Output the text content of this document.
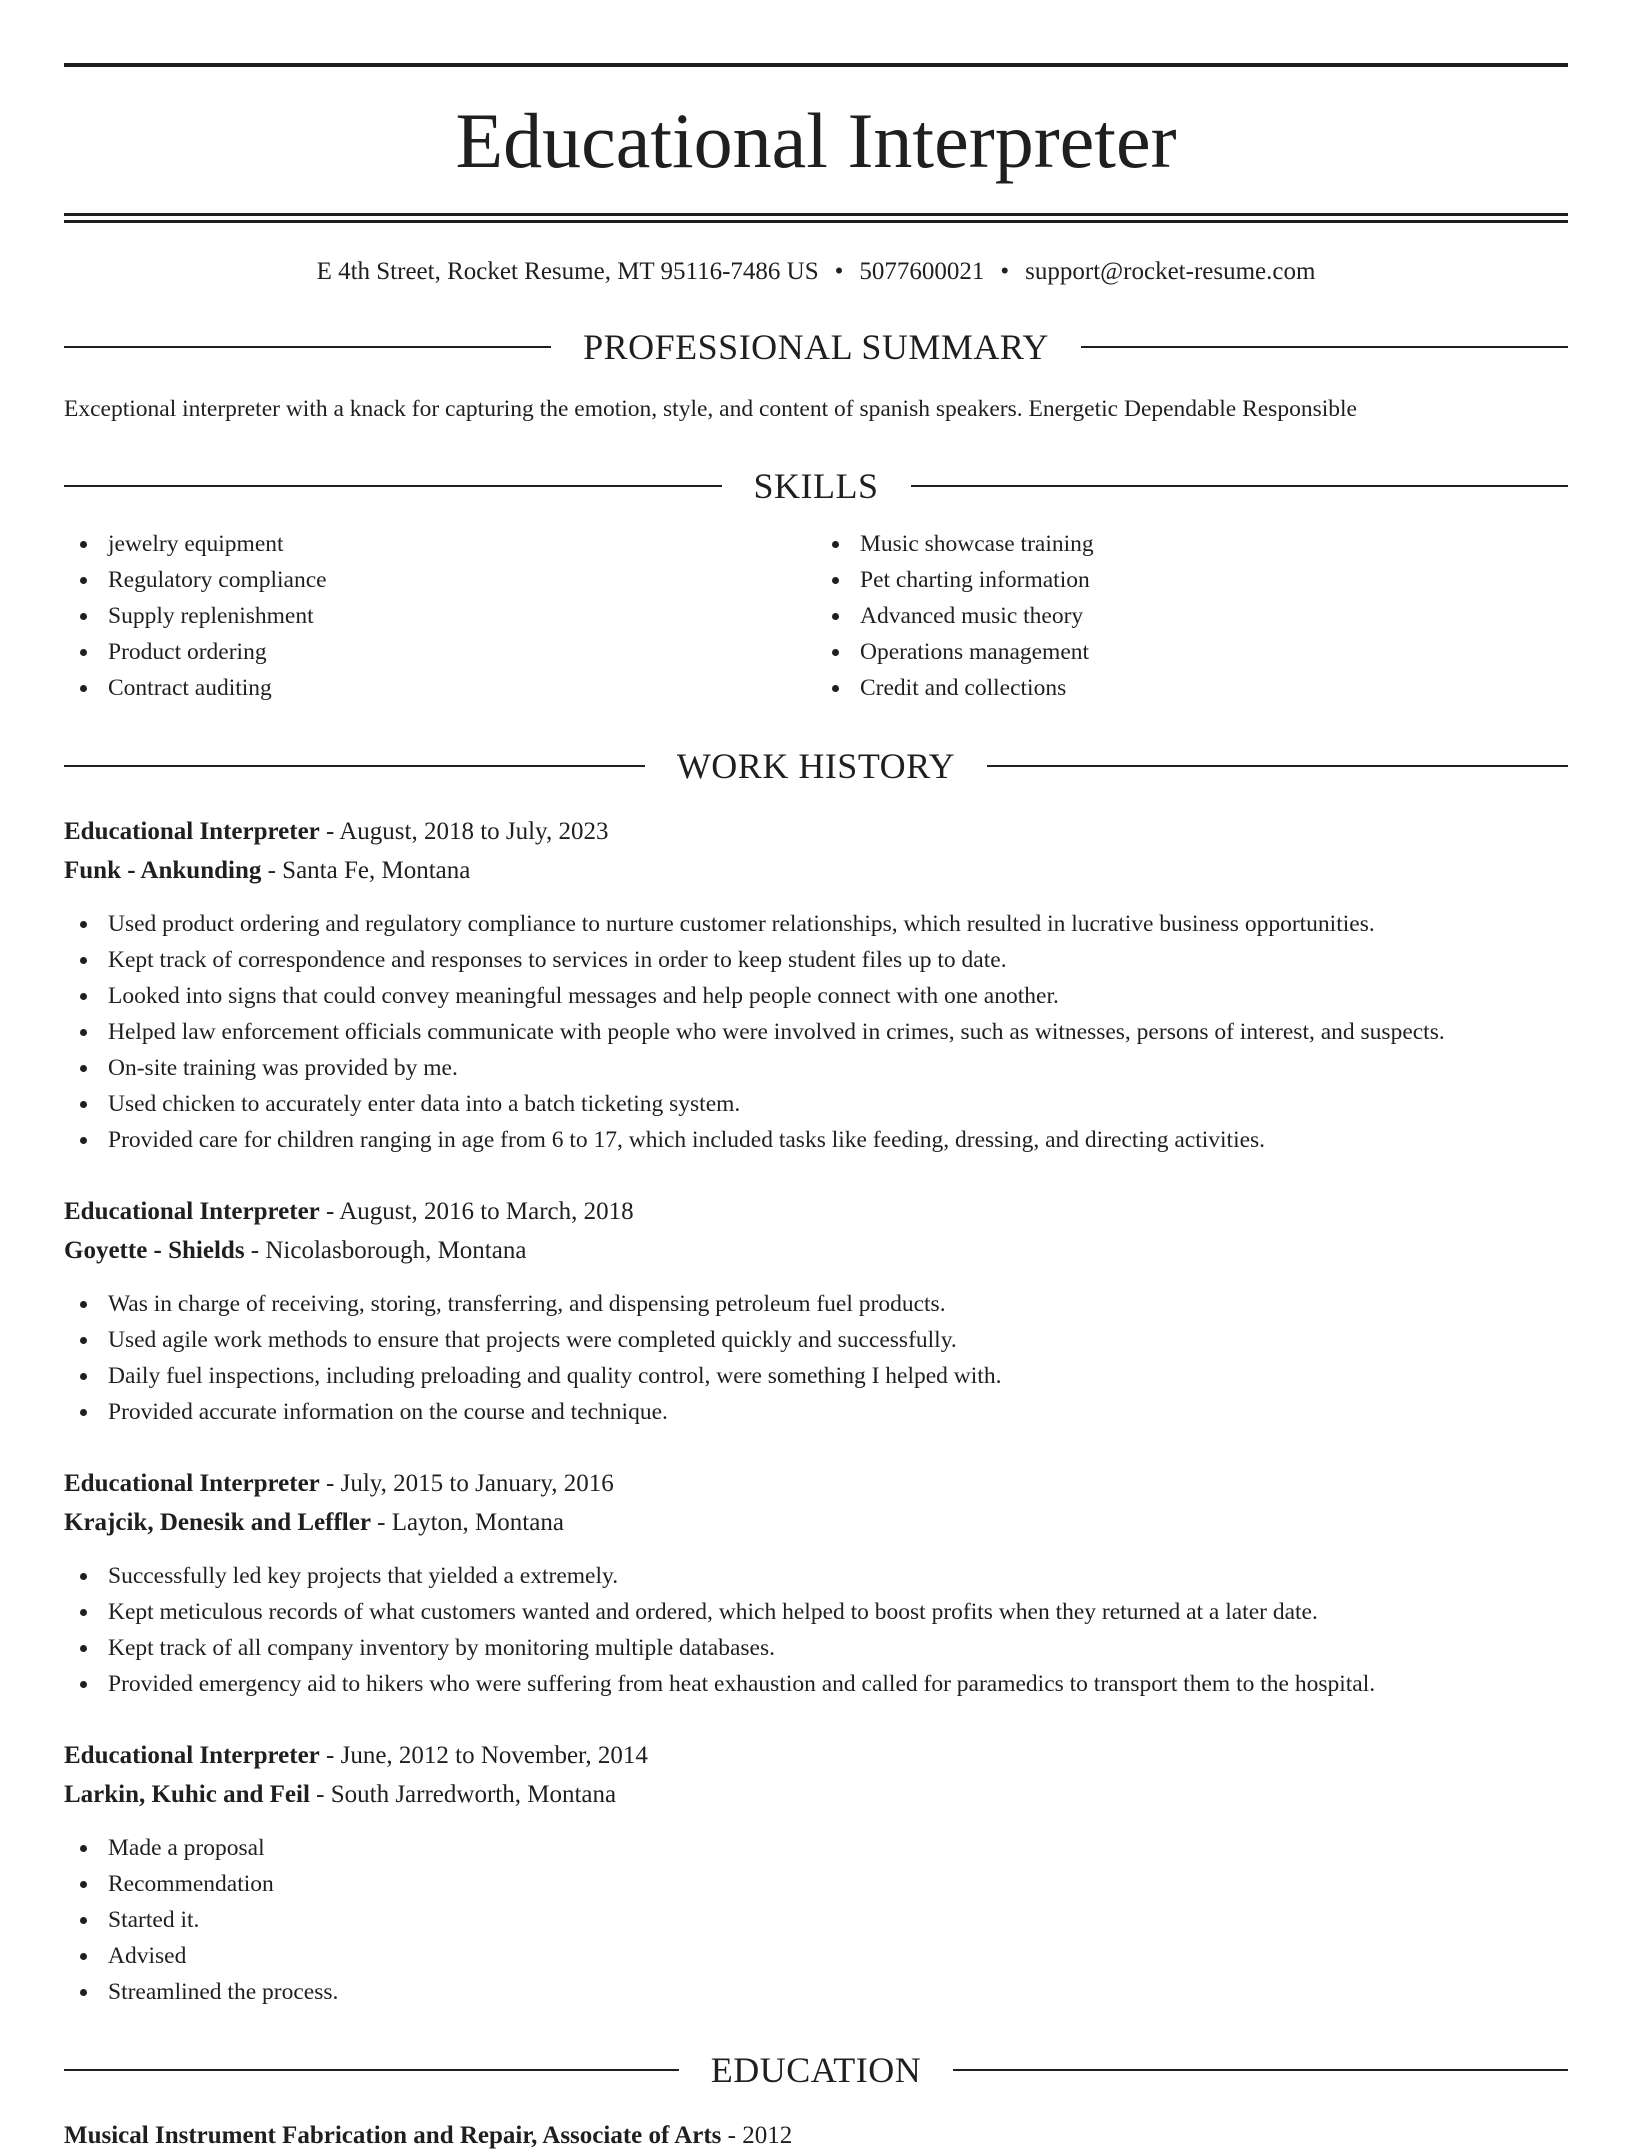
Educational Interpreter
E 4th Street, Rocket Resume, MT 95116-7486 US • 5077600021 • support@rocket-resume.com
PROFESSIONAL SUMMARY
Exceptional interpreter with a knack for capturing the emotion, style, and content of spanish speakers. Energetic Dependable Responsible
SKILLS
jewelry equipment
Regulatory compliance
Supply replenishment
Product ordering
Contract auditing
Music showcase training
Pet charting information
Advanced music theory
Operations management
Credit and collections
WORK HISTORY
Educational Interpreter - August, 2018 to July, 2023
Funk - Ankunding - Santa Fe, Montana
Used product ordering and regulatory compliance to nurture customer relationships, which resulted in lucrative business opportunities.
Kept track of correspondence and responses to services in order to keep student files up to date.
Looked into signs that could convey meaningful messages and help people connect with one another.
Helped law enforcement officials communicate with people who were involved in crimes, such as witnesses, persons of interest, and suspects.
On-site training was provided by me.
Used chicken to accurately enter data into a batch ticketing system.
Provided care for children ranging in age from 6 to 17, which included tasks like feeding, dressing, and directing activities.
Educational Interpreter - August, 2016 to March, 2018
Goyette - Shields - Nicolasborough, Montana
Was in charge of receiving, storing, transferring, and dispensing petroleum fuel products.
Used agile work methods to ensure that projects were completed quickly and successfully.
Daily fuel inspections, including preloading and quality control, were something I helped with.
Provided accurate information on the course and technique.
Educational Interpreter - July, 2015 to January, 2016
Krajcik, Denesik and Leffler - Layton, Montana
Successfully led key projects that yielded a extremely.
Kept meticulous records of what customers wanted and ordered, which helped to boost profits when they returned at a later date.
Kept track of all company inventory by monitoring multiple databases.
Provided emergency aid to hikers who were suffering from heat exhaustion and called for paramedics to transport them to the hospital.
Educational Interpreter - June, 2012 to November, 2014
Larkin, Kuhic and Feil - South Jarredworth, Montana
Made a proposal
Recommendation
Started it.
Advised
Streamlined the process.
EDUCATION
Musical Instrument Fabrication and Repair, Associate of Arts - 2012
